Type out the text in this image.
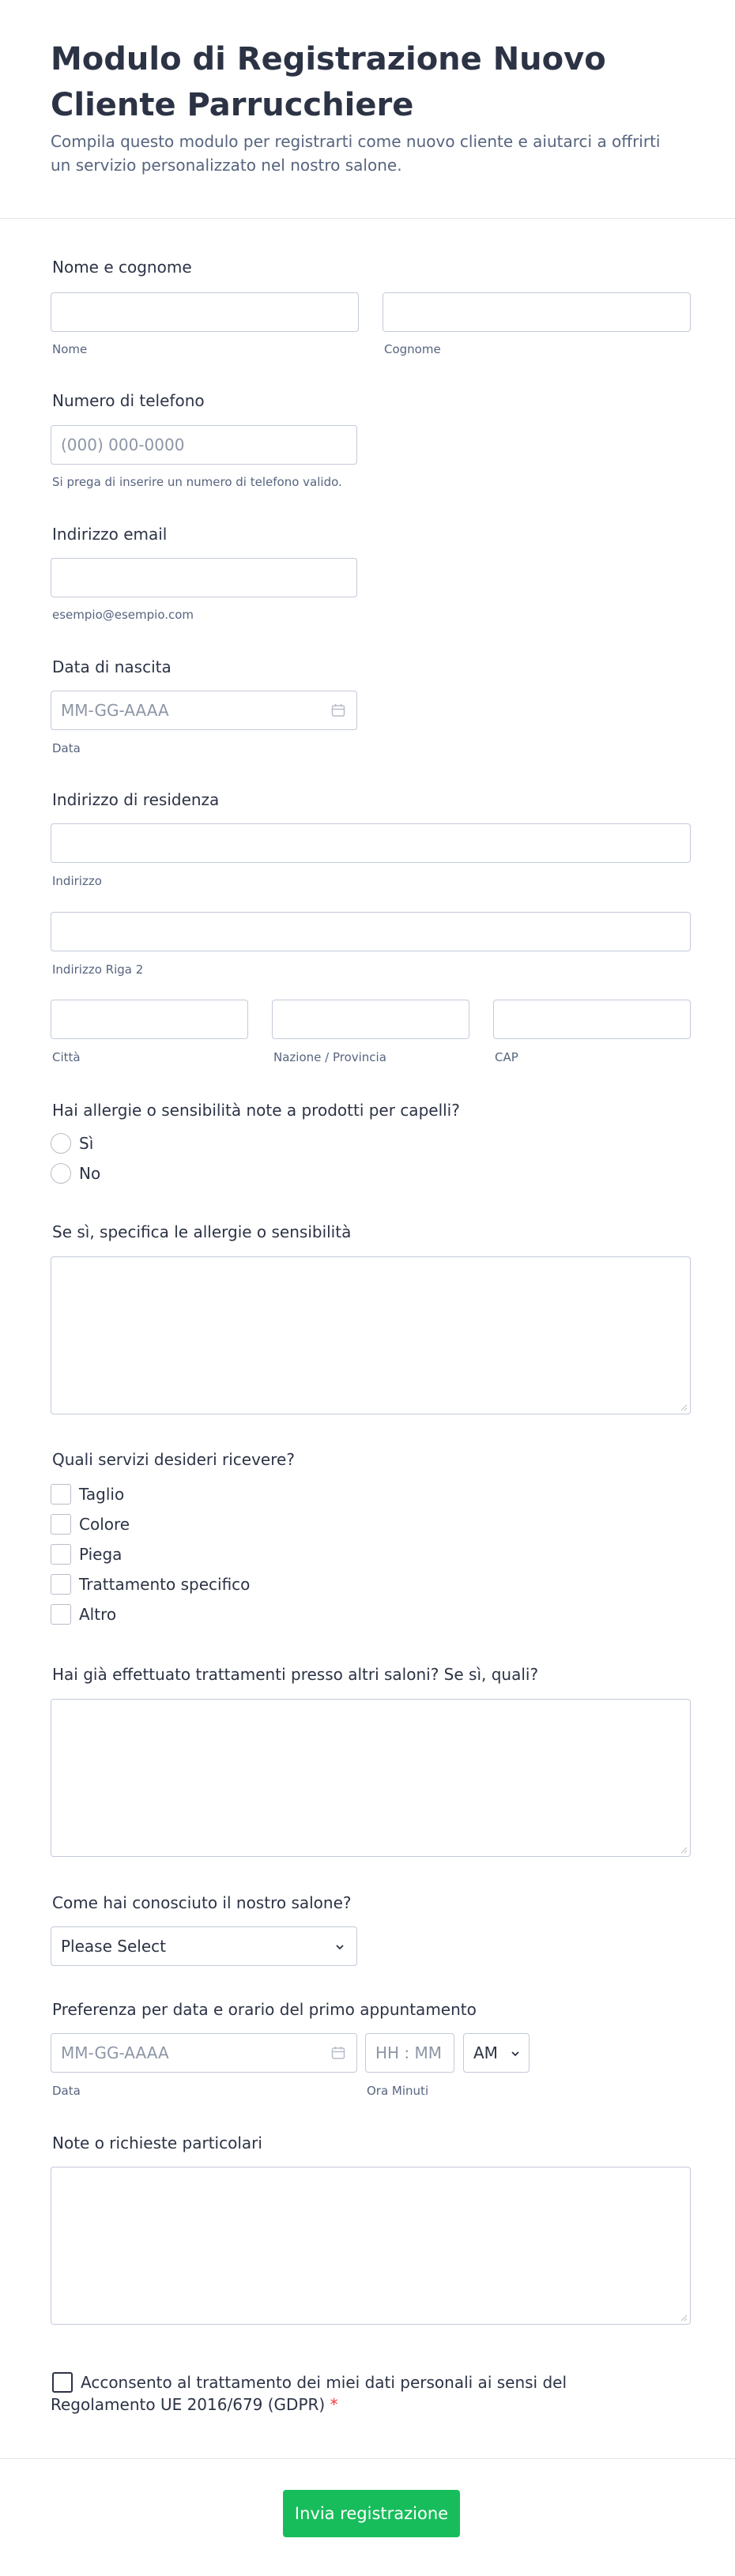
Modulo di Registrazione Nuovo Cliente Parrucchiere
Compila questo modulo per registrarti come nuovo cliente e aiutarci a offrirti un servizio personalizzato nel nostro salone.
Nome e cognome
Nome	Cognome
Numero di telefono
(000) 000-0000
Si prega di inserire un numero di telefono valido.
Indirizzo email
esempio@esempio.com
Data di nascita
MM-GG-AAAA
Data
Indirizzo di residenza
Indirizzo
Indirizzo Riga 2
Città	Nazione / Provincia	CAP
Hai allergie o sensibilità note a prodotti per capelli?
Sì
No
Se sì, specifica le allergie o sensibilità
Quali servizi desideri ricevere?
Taglio
Colore
Piega
Trattamento specifico
Altro
Hai già effettuato trattamenti presso altri saloni? Se sì, quali?
Come hai conosciuto il nostro salone?
Please Select
Preferenza per data e orario del primo appuntamento
MM-GG-AAAA	HH : MM	AM
Data	Ora Minuti
Note o richieste particolari
Acconsento al trattamento dei miei dati personali ai sensi del Regolamento UE 2016/679 (GDPR) *
Invia registrazione
